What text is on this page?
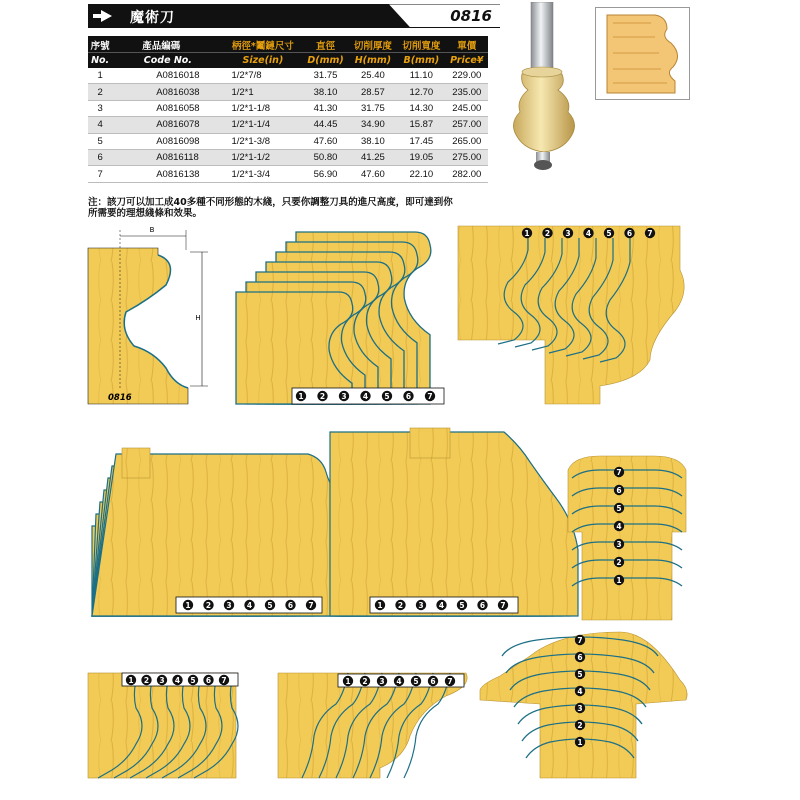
魔術刀	0816
序號	產品編碼	柄徑*鬮鏈尺寸	直徑	切削厚度	切削寬度	單價
No.	Code No.	Size(in)	D(mm)	H(mm)	B(mm)	Price¥
1	A0816018	1/2*7/8	31.75	25.40	11.10	229.00
2	A0816038	1/2*1	38.10	28.57	12.70	235.00
3	A0816058	1/2*1-1/8	41.30	31.75	14.30	245.00
4	A0816078	1/2*1-1/4	44.45	34.90	15.87	257.00
5	A0816098	1/2*1-3/8	47.60	38.10	17.45	265.00
6	A0816118	1/2*1-1/2	50.80	41.25	19.05	275.00
7	A0816138	1/2*1-3/4	56.90	47.60	22.10	282.00
注：該刀可以加工成40多種不同形態的木綫，只要你調整刀具的進尺高度，即可達到你
所需要的理想綫條和效果。
B
H
0816	1 2 3 4 5 6 7
1 2 3 4 5 6 7
1 2 3 4 5 6 7	1 2 3 4 5 6 7
7
6
5
4
3
2
1
1 2 3 4 5 6 7	1 2 3 4 5 6 7
7
6
5
4
3
2
1
